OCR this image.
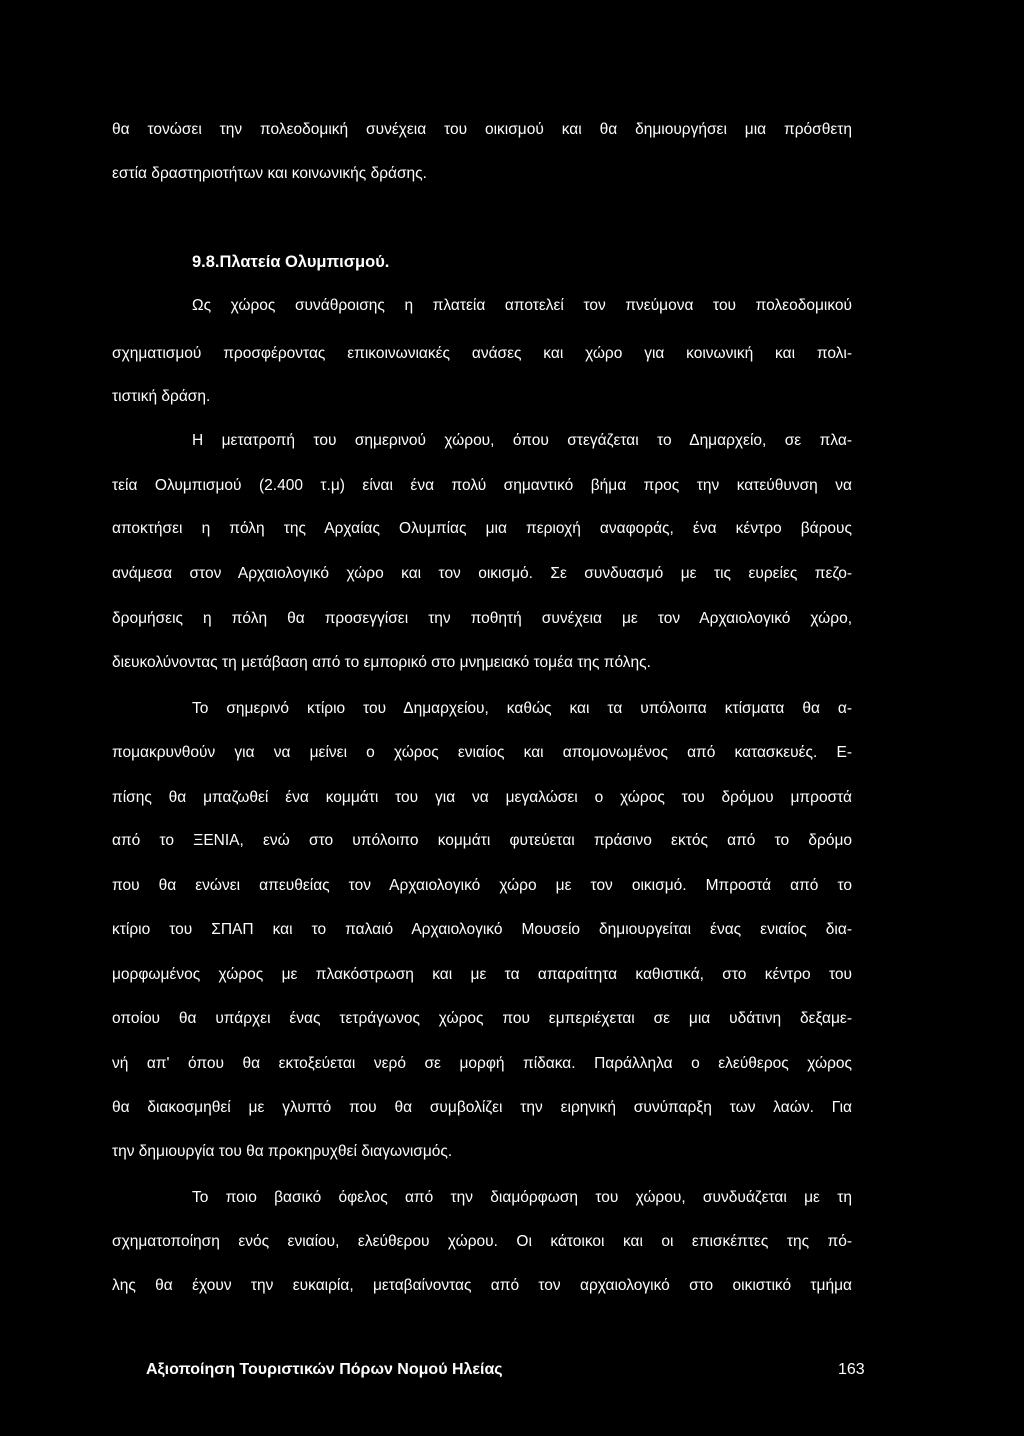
θα τονώσει την πολεοδομική συνέχεια του οικισμού και θα δημιουργήσει μια πρόσθετη
εστία δραστηριοτήτων και κοινωνικής δράσης.
9.8.Πλατεία Ολυμπισμού.
Ως χώρος συνάθροισης η πλατεία αποτελεί τον πνεύμονα του πολεοδομικού
σχηματισμού προσφέροντας επικοινωνιακές ανάσες και χώρο για κοινωνική και πολι-
τιστική δράση.
Η μετατροπή του σημερινού χώρου, όπου στεγάζεται το Δημαρχείο, σε πλα-
τεία Ολυμπισμού (2.400 τ.μ) είναι ένα πολύ σημαντικό βήμα προς την κατεύθυνση να
αποκτήσει η πόλη της Αρχαίας Ολυμπίας μια περιοχή αναφοράς, ένα κέντρο βάρους
ανάμεσα στον Αρχαιολογικό χώρο και τον οικισμό. Σε συνδυασμό με τις ευρείες πεζο-
δρομήσεις η πόλη θα προσεγγίσει την ποθητή συνέχεια με τον Αρχαιολογικό χώρο,
διευκολύνοντας τη μετάβαση από το εμπορικό στο μνημειακό τομέα της πόλης.
Το σημερινό κτίριο του Δημαρχείου, καθώς και τα υπόλοιπα κτίσματα θα α-
πομακρυνθούν για να μείνει ο χώρος ενιαίος και απομονωμένος από κατασκευές. Ε-
πίσης θα μπαζωθεί ένα κομμάτι του για να μεγαλώσει ο χώρος του δρόμου μπροστά
από το ΞΕΝΙΑ, ενώ στο υπόλοιπο κομμάτι φυτεύεται πράσινο εκτός από το δρόμο
που θα ενώνει απευθείας τον Αρχαιολογικό χώρο με τον οικισμό. Μπροστά από το
κτίριο του ΣΠΑΠ και το παλαιό Αρχαιολογικό Μουσείο δημιουργείται ένας ενιαίος δια-
μορφωμένος χώρος με πλακόστρωση και με τα απαραίτητα καθιστικά, στο κέντρο του
οποίου θα υπάρχει ένας τετράγωνος χώρος που εμπεριέχεται σε μια υδάτινη δεξαμε-
νή απ' όπου θα εκτοξεύεται νερό σε μορφή πίδακα. Παράλληλα ο ελεύθερος χώρος
θα διακοσμηθεί με γλυπτό που θα συμβολίζει την ειρηνική συνύπαρξη των λαών. Για
την δημιουργία του θα προκηρυχθεί διαγωνισμός.
Το ποιο βασικό όφελος από την διαμόρφωση του χώρου, συνδυάζεται με τη
σχηματοποίηση ενός ενιαίου, ελεύθερου χώρου. Οι κάτοικοι και οι επισκέπτες της πό-
λης θα έχουν την ευκαιρία, μεταβαίνοντας από τον αρχαιολογικό στο οικιστικό τμήμα
Αξιοποίηση Τουριστικών Πόρων Νομού Ηλείας	163
